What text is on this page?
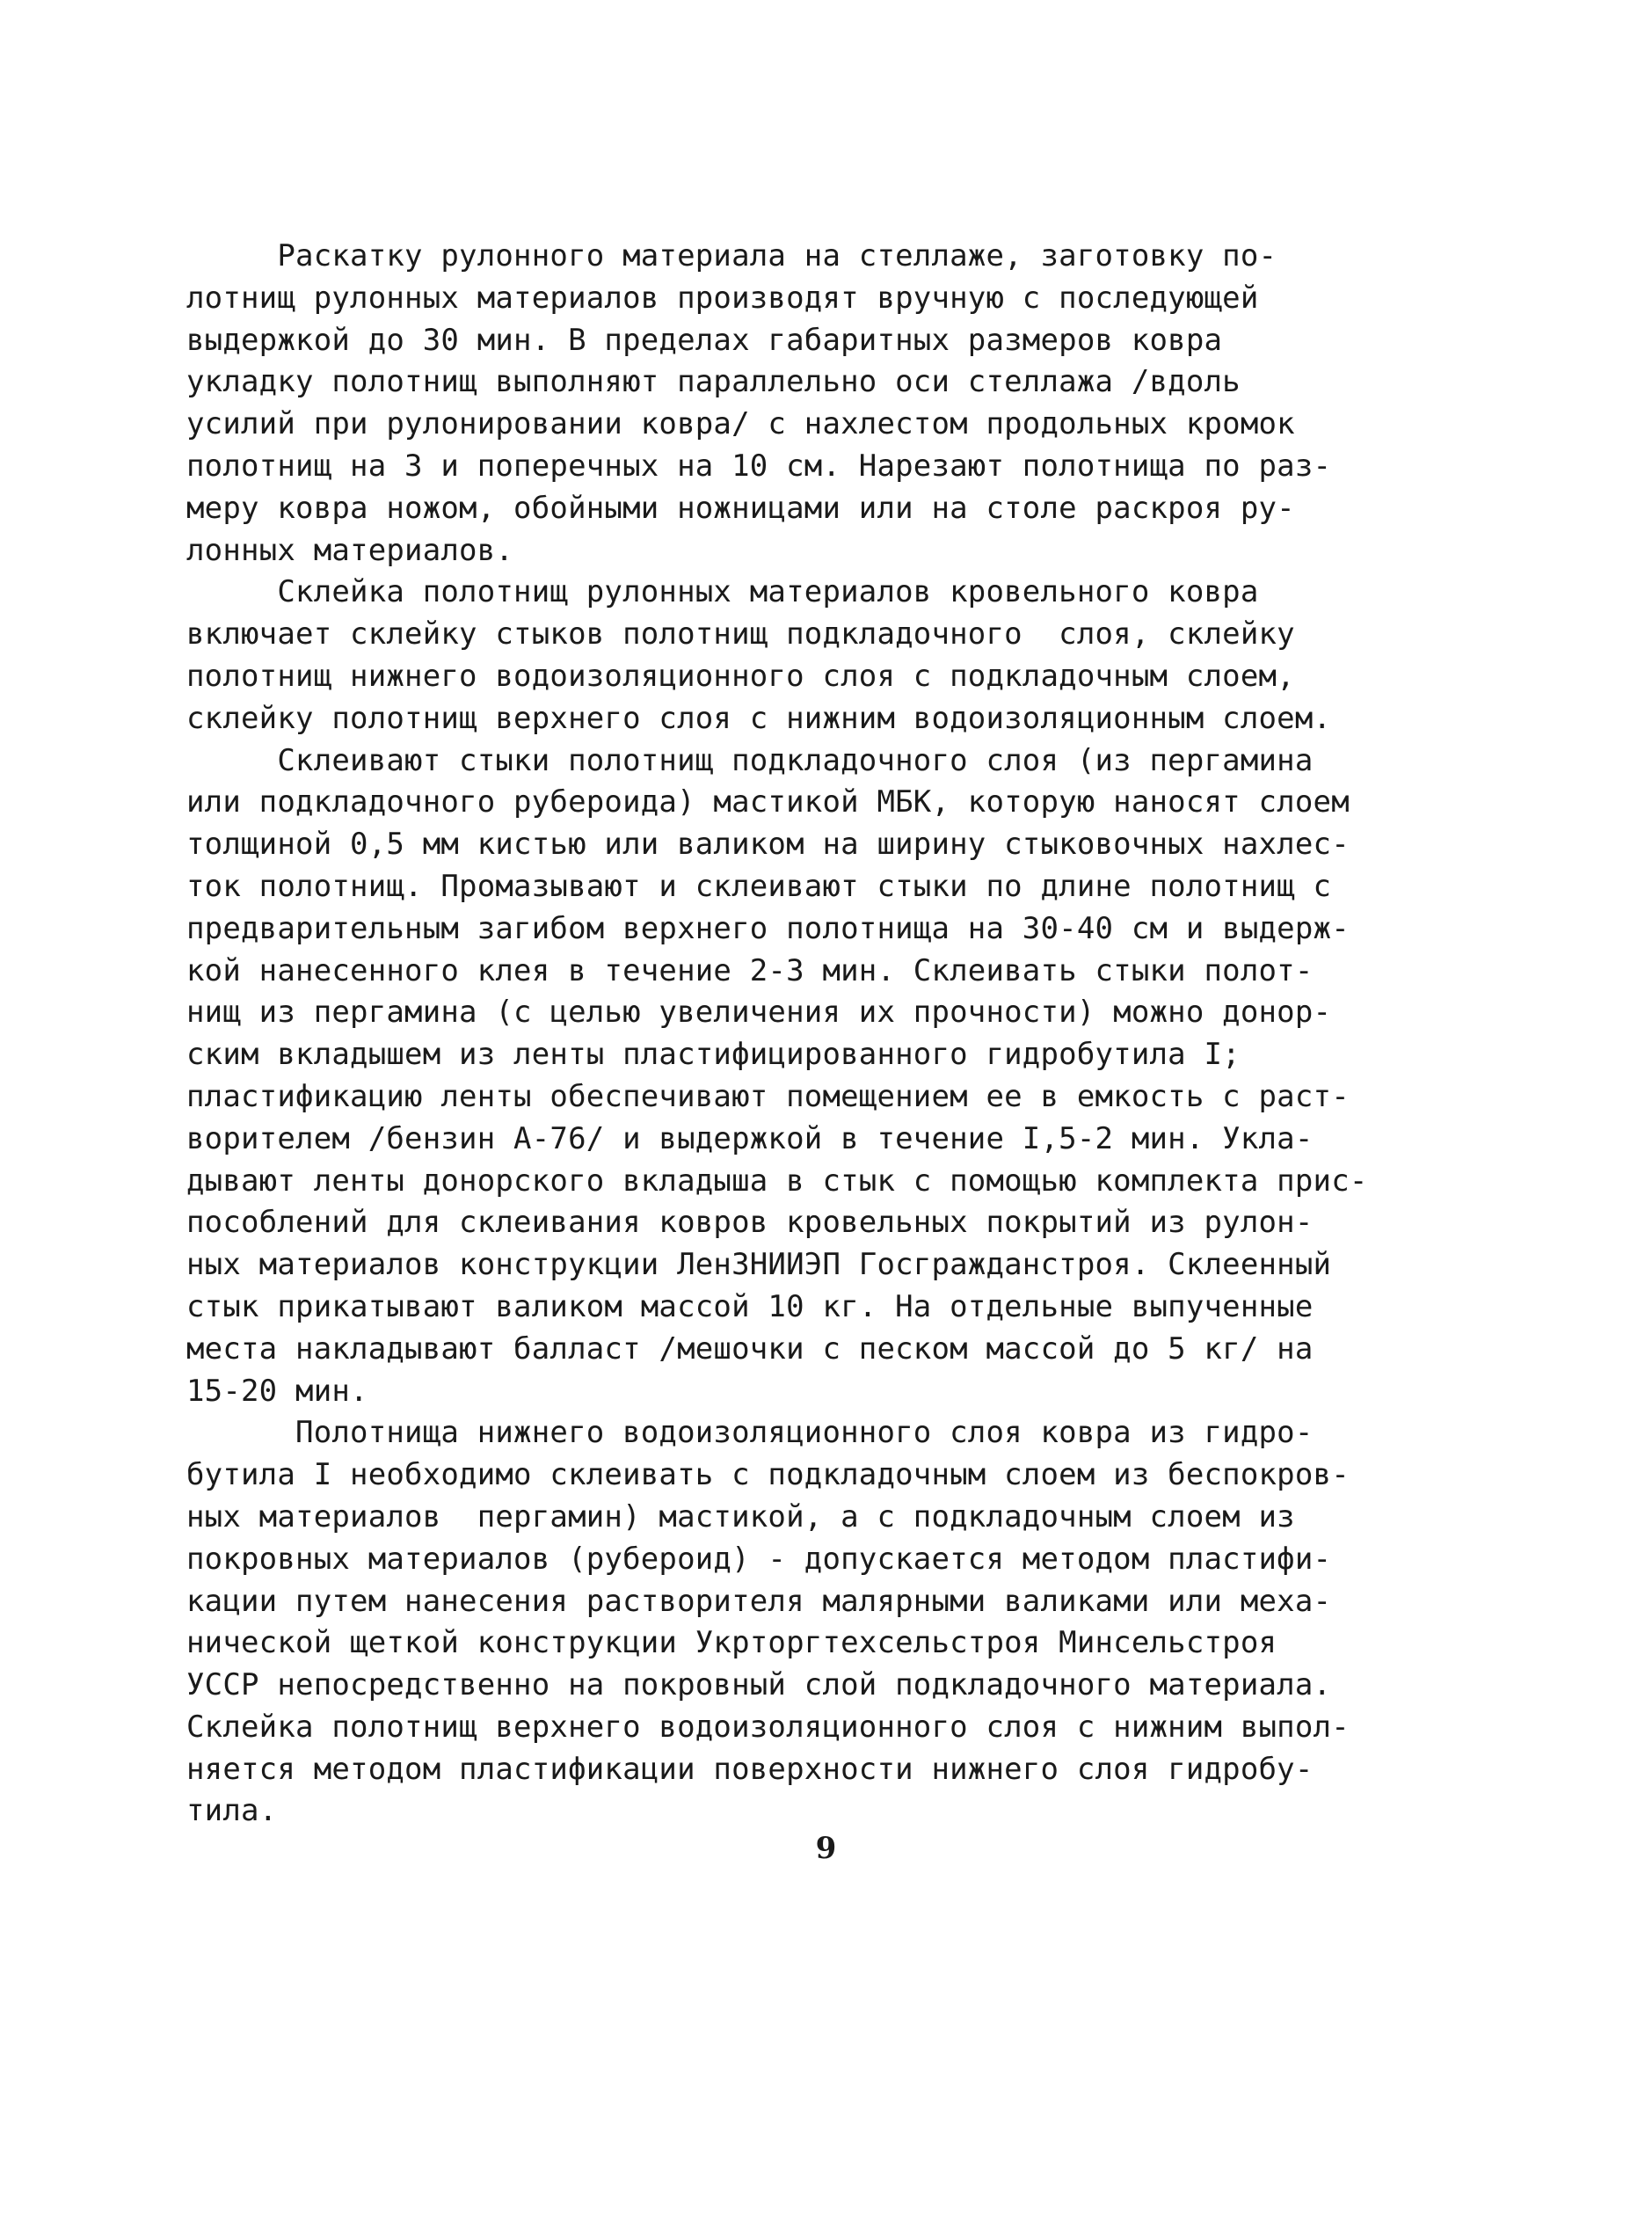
Раскатку рулонного материала на стеллаже, заготовку по-
лотнищ рулонных материалов производят вручную с последующей
выдержкой до 30 мин. В пределах габаритных размеров ковра
укладку полотнищ выполняют параллельно оси стеллажа /вдоль
усилий при рулонировании ковра/ с нахлестом продольных кромок
полотнищ на 3 и поперечных на 10 см. Нарезают полотнища по раз-
меру ковра ножом, обойными ножницами или на столе раскроя ру-
лонных материалов.
Склейка полотнищ рулонных материалов кровельного ковра
включает склейку стыков полотнищ подкладочного  слоя, склейку
полотнищ нижнего водоизоляционного слоя с подкладочным слоем,
склейку полотнищ верхнего слоя с нижним водоизоляционным слоем.
Склеивают стыки полотнищ подкладочного слоя (из пергамина
или подкладочного рубероида) мастикой МБК, которую наносят слоем
толщиной 0,5 мм кистью или валиком на ширину стыковочных нахлес-
ток полотнищ. Промазывают и склеивают стыки по длине полотнищ с
предварительным загибом верхнего полотнища на 30-40 см и выдерж-
кой нанесенного клея в течение 2-3 мин. Склеивать стыки полот-
нищ из пергамина (с целью увеличения их прочности) можно донор-
ским вкладышем из ленты пластифицированного гидробутила I;
пластификацию ленты обеспечивают помещением ее в емкость с раст-
ворителем /бензин А-76/ и выдержкой в течение I,5-2 мин. Укла-
дывают ленты донорского вкладыша в стык с помощью комплекта прис-
пособлений для склеивания ковров кровельных покрытий из рулон-
ных материалов конструкции ЛенЗНИИЭП Госгражданстроя. Склеенный
стык прикатывают валиком массой 10 кг. На отдельные выпученные
места накладывают балласт /мешочки с песком массой до 5 кг/ на
15-20 мин.
Полотнища нижнего водоизоляционного слоя ковра из гидро-
бутила I необходимо склеивать с подкладочным слоем из беспокров-
ных материалов  пергамин) мастикой, а с подкладочным слоем из
покровных материалов (рубероид) - допускается методом пластифи-
кации путем нанесения растворителя малярными валиками или меха-
нической щеткой конструкции Укрторгтехсельстроя Минсельстроя
УССР непосредственно на покровный слой подкладочного материала.
Склейка полотнищ верхнего водоизоляционного слоя с нижним выпол-
няется методом пластификации поверхности нижнего слоя гидробу-
тила.
9
